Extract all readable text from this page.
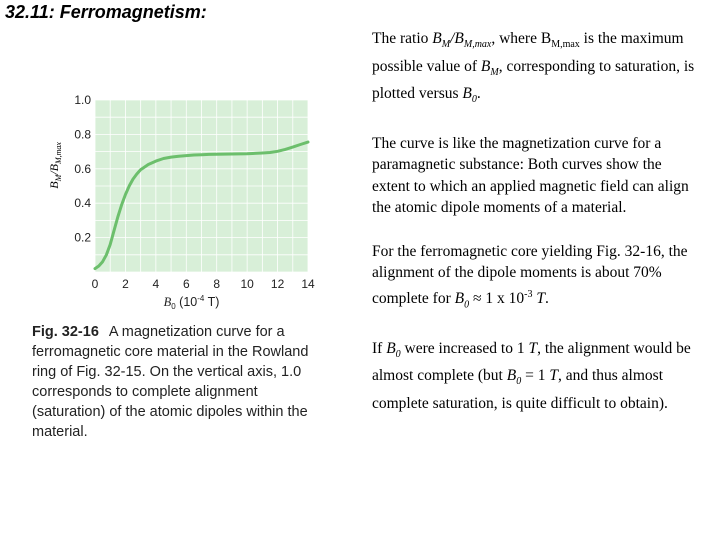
32.11: Ferromagnetism:
0.2
0.4
0.6
0.8
1.0
0 2 4 6 8 10 12 14
$B_M/B_{M,max}$
$B_0$ ($10^{-4}$ T)
Fig. 32-16 A magnetization curve for a ferromagnetic core material in the Rowland ring of Fig. 32-15. On the vertical axis, 1.0 corresponds to complete alignment (saturation) of the atomic dipoles within the material.

The ratio $B_M/B_{M,max}$, where $B_{M,max}$ is the maximum possible value of $B_M$, corresponding to saturation, is plotted versus $B_0$.

The curve is like the magnetization curve for a paramagnetic substance: Both curves show the extent to which an applied magnetic field can align the atomic dipole moments of a material.

For the ferromagnetic core yielding Fig. 32-16, the alignment of the dipole moments is about 70% complete for $B_0 \approx 1$ x $10^{-3}$ T.

If $B_0$ were increased to 1 T, the alignment would be almost complete (but $B_0 = 1$ T, and thus almost complete saturation, is quite difficult to obtain).
